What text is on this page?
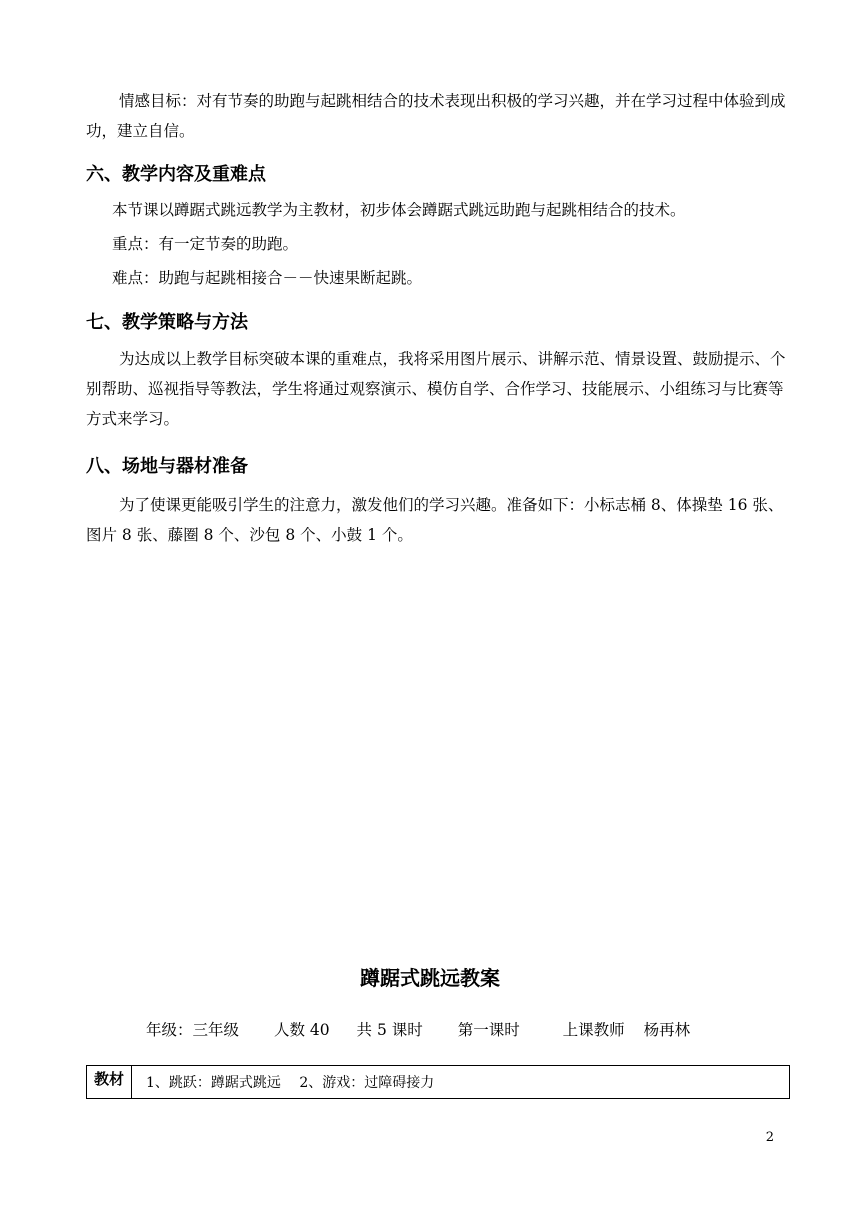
情感目标：对有节奏的助跑与起跳相结合的技术表现出积极的学习兴趣，并在学习过程中体验到成功，建立自信。

六、教学内容及重难点

本节课以蹲踞式跳远教学为主教材，初步体会蹲踞式跳远助跑与起跳相结合的技术。

重点：有一定节奏的助跑。

难点：助跑与起跳相接合－－快速果断起跳。

七、教学策略与方法

为达成以上教学目标突破本课的重难点，我将采用图片展示、讲解示范、情景设置、鼓励提示、个别帮助、巡视指导等教法，学生将通过观察演示、模仿自学、合作学习、技能展示、小组练习与比赛等方式来学习。

八、场地与器材准备

为了使课更能吸引学生的注意力，激发他们的学习兴趣。准备如下：小标志桶 8、体操垫 16 张、图片 8 张、藤圈 8 个、沙包 8 个、小鼓 1 个。

蹲踞式跳远教案
年级：三年级 人数 40 共 5 课时 第一课时	上课教师 杨再林
教材	1、跳跃：蹲踞式跳远　 2、游戏：过障碍接力
2
